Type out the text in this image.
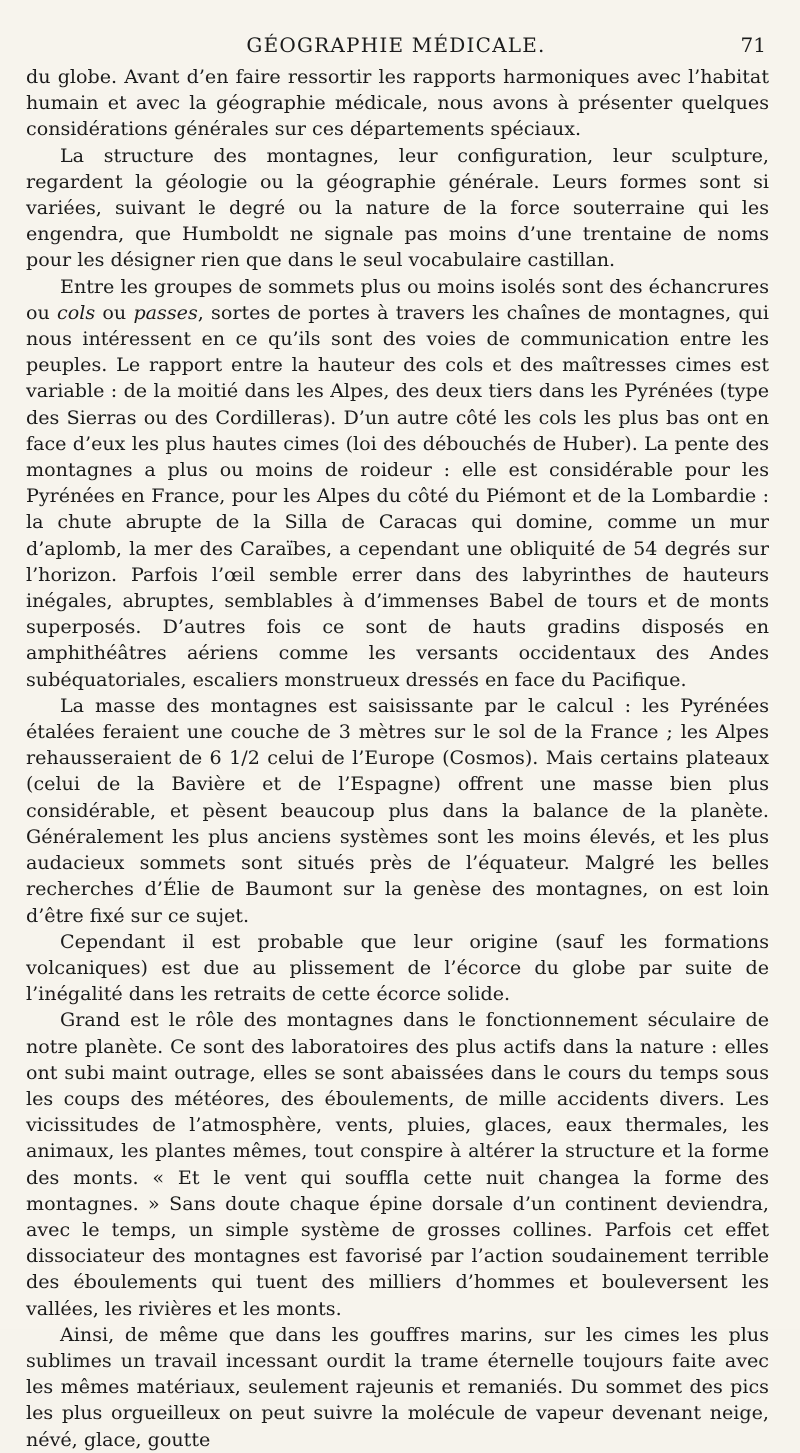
GÉOGRAPHIE MÉDICALE.	71

du globe. Avant d’en faire ressortir les rapports harmoniques avec l’habitat humain et avec la géographie médicale, nous avons à présenter quelques considérations générales sur ces départements spéciaux.

La structure des montagnes, leur configuration, leur sculpture, regardent la géologie ou la géographie générale. Leurs formes sont si variées, suivant le degré ou la nature de la force souterraine qui les engendra, que Humboldt ne signale pas moins d’une trentaine de noms pour les désigner rien que dans le seul vocabulaire castillan.

Entre les groupes de sommets plus ou moins isolés sont des échancrures ou cols ou passes, sortes de portes à travers les chaînes de montagnes, qui nous intéressent en ce qu’ils sont des voies de communication entre les peuples. Le rapport entre la hauteur des cols et des maîtresses cimes est variable : de la moitié dans les Alpes, des deux tiers dans les Pyrénées (type des Sierras ou des Cordilleras). D’un autre côté les cols les plus bas ont en face d’eux les plus hautes cimes (loi des débouchés de Huber). La pente des montagnes a plus ou moins de roideur : elle est considérable pour les Pyrénées en France, pour les Alpes du côté du Piémont et de la Lombardie : la chute abrupte de la Silla de Caracas qui domine, comme un mur d’aplomb, la mer des Caraïbes, a cependant une obliquité de 54 degrés sur l’horizon. Parfois l’œil semble errer dans des labyrinthes de hauteurs inégales, abruptes, semblables à d’immenses Babel de tours et de monts superposés. D’autres fois ce sont de hauts gradins disposés en amphithéâtres aériens comme les versants occidentaux des Andes subéquatoriales, escaliers monstrueux dressés en face du Pacifique.

La masse des montagnes est saisissante par le calcul : les Pyrénées étalées feraient une couche de 3 mètres sur le sol de la France ; les Alpes rehausseraient de 6 1/2 celui de l’Europe (Cosmos). Mais certains plateaux (celui de la Bavière et de l’Espagne) offrent une masse bien plus considérable, et pèsent beaucoup plus dans la balance de la planète. Généralement les plus anciens systèmes sont les moins élevés, et les plus audacieux sommets sont situés près de l’équateur. Malgré les belles recherches d’Élie de Baumont sur la genèse des montagnes, on est loin d’être fixé sur ce sujet.

Cependant il est probable que leur origine (sauf les formations volcaniques) est due au plissement de l’écorce du globe par suite de l’inégalité dans les retraits de cette écorce solide.

Grand est le rôle des montagnes dans le fonctionnement séculaire de notre planète. Ce sont des laboratoires des plus actifs dans la nature : elles ont subi maint outrage, elles se sont abaissées dans le cours du temps sous les coups des météores, des éboulements, de mille accidents divers. Les vicissitudes de l’atmosphère, vents, pluies, glaces, eaux thermales, les animaux, les plantes mêmes, tout conspire à altérer la structure et la forme des monts. « Et le vent qui souffla cette nuit changea la forme des montagnes. » Sans doute chaque épine dorsale d’un continent deviendra, avec le temps, un simple système de grosses collines. Parfois cet effet dissociateur des montagnes est favorisé par l’action soudainement terrible des éboulements qui tuent des milliers d’hommes et bouleversent les vallées, les rivières et les monts.

Ainsi, de même que dans les gouffres marins, sur les cimes les plus sublimes un travail incessant ourdit la trame éternelle toujours faite avec les mêmes matériaux, seulement rajeunis et remaniés. Du sommet des pics les plus orgueilleux on peut suivre la molécule de vapeur devenant neige, névé, glace, goutte
